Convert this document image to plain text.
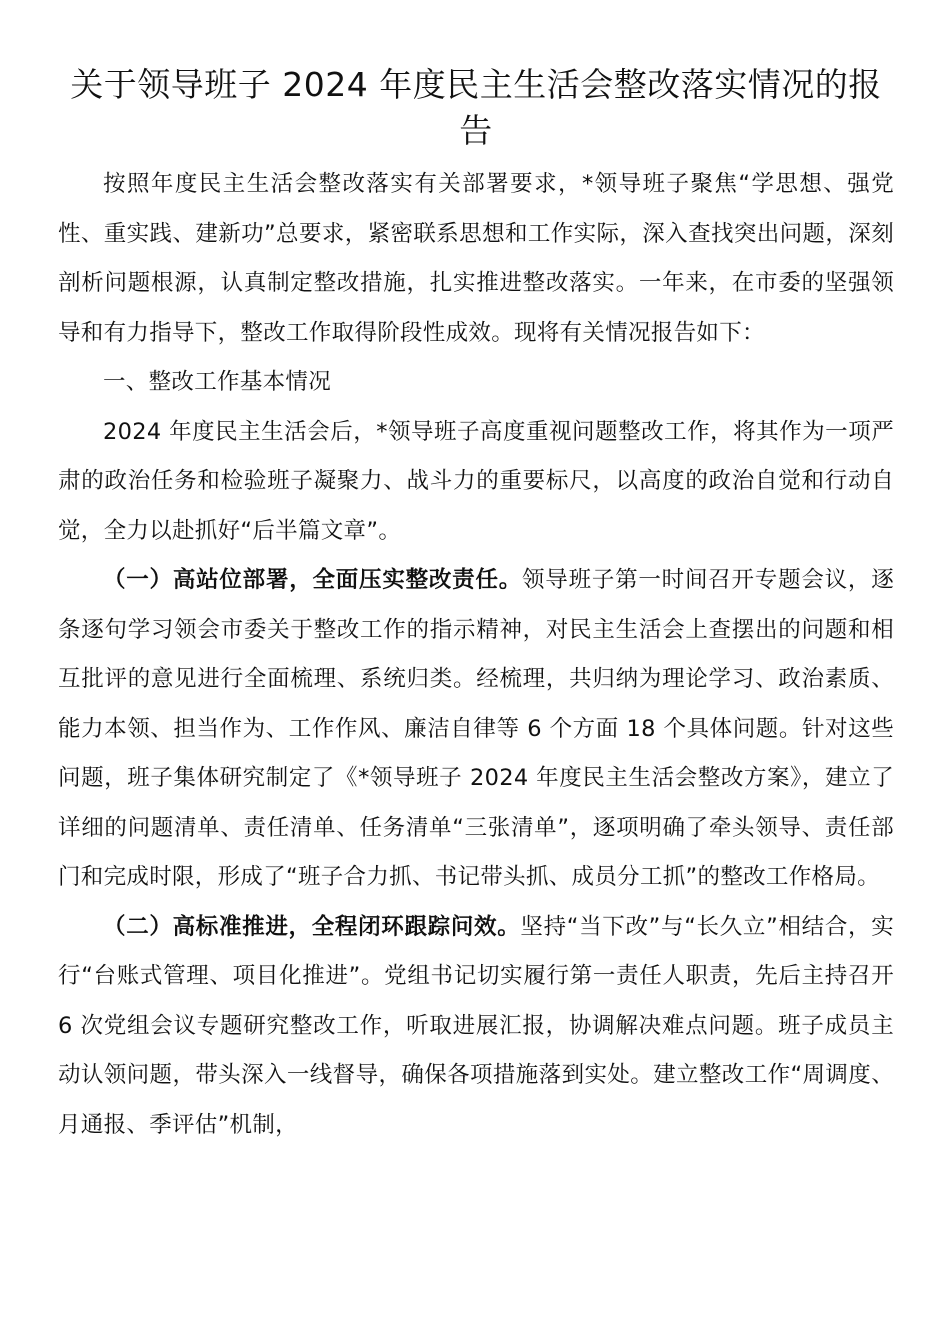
关于领导班子 2024 年度民主生活会整改落实情况的报告

按照年度民主生活会整改落实有关部署要求，*领导班子聚焦“学思想、强党性、重实践、建新功”总要求，紧密联系思想和工作实际，深入查找突出问题，深刻剖析问题根源，认真制定整改措施，扎实推进整改落实。一年来，在市委的坚强领导和有力指导下，整改工作取得阶段性成效。现将有关情况报告如下：

一、整改工作基本情况

2024 年度民主生活会后，*领导班子高度重视问题整改工作，将其作为一项严肃的政治任务和检验班子凝聚力、战斗力的重要标尺，以高度的政治自觉和行动自觉，全力以赴抓好“后半篇文章”。

（一）高站位部署，全面压实整改责任。领导班子第一时间召开专题会议，逐条逐句学习领会市委关于整改工作的指示精神，对民主生活会上查摆出的问题和相互批评的意见进行全面梳理、系统归类。经梳理，共归纳为理论学习、政治素质、能力本领、担当作为、工作作风、廉洁自律等 6 个方面 18 个具体问题。针对这些问题，班子集体研究制定了《*领导班子 2024 年度民主生活会整改方案》，建立了详细的问题清单、责任清单、任务清单“三张清单”，逐项明确了牵头领导、责任部门和完成时限，形成了“班子合力抓、书记带头抓、成员分工抓”的整改工作格局。

（二）高标准推进，全程闭环跟踪问效。坚持“当下改”与“长久立”相结合，实行“台账式管理、项目化推进”。党组书记切实履行第一责任人职责，先后主持召开 6 次党组会议专题研究整改工作，听取进展汇报，协调解决难点问题。班子成员主动认领问题，带头深入一线督导，确保各项措施落到实处。建立整改工作“周调度、月通报、季评估”机制，
